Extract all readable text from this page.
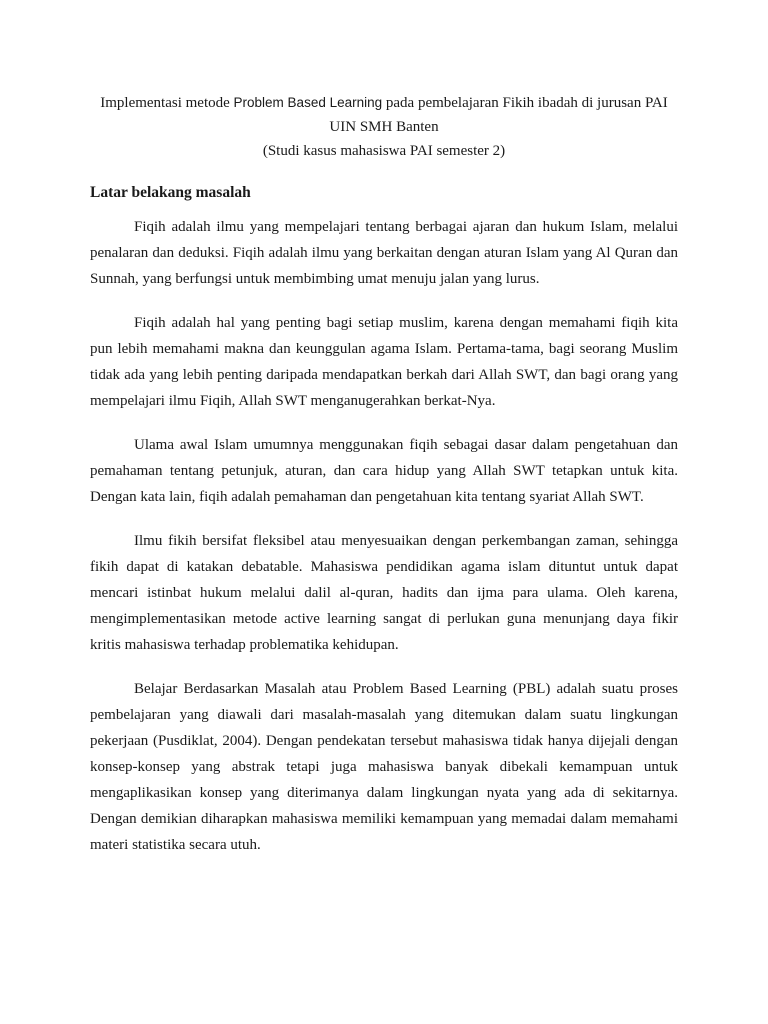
Implementasi metode Problem Based Learning pada pembelajaran Fikih ibadah di jurusan PAI
UIN SMH Banten
(Studi kasus mahasiswa PAI semester 2)
Latar belakang masalah

Fiqih adalah ilmu yang mempelajari tentang berbagai ajaran dan hukum Islam, melalui penalaran dan deduksi. Fiqih adalah ilmu yang berkaitan dengan aturan Islam yang Al Quran dan Sunnah, yang berfungsi untuk membimbing umat menuju jalan yang lurus.

Fiqih adalah hal yang penting bagi setiap muslim, karena dengan memahami fiqih kita pun lebih memahami makna dan keunggulan agama Islam. Pertama-tama, bagi seorang Muslim tidak ada yang lebih penting daripada mendapatkan berkah dari Allah SWT, dan bagi orang yang mempelajari ilmu Fiqih, Allah SWT menganugerahkan berkat-Nya.

Ulama awal Islam umumnya menggunakan fiqih sebagai dasar dalam pengetahuan dan pemahaman tentang petunjuk, aturan, dan cara hidup yang Allah SWT tetapkan untuk kita. Dengan kata lain, fiqih adalah pemahaman dan pengetahuan kita tentang syariat Allah SWT.

Ilmu fikih bersifat fleksibel atau menyesuaikan dengan perkembangan zaman, sehingga fikih dapat di katakan debatable. Mahasiswa pendidikan agama islam dituntut untuk dapat mencari istinbat hukum melalui dalil al-quran, hadits dan ijma para ulama. Oleh karena, mengimplementasikan metode active learning sangat di perlukan guna menunjang daya fikir kritis mahasiswa terhadap problematika kehidupan.

Belajar Berdasarkan Masalah atau Problem Based Learning (PBL) adalah suatu proses pembelajaran yang diawali dari masalah-masalah yang ditemukan dalam suatu lingkungan pekerjaan (Pusdiklat, 2004). Dengan pendekatan tersebut mahasiswa tidak hanya dijejali dengan konsep-konsep yang abstrak tetapi juga mahasiswa banyak dibekali kemampuan untuk mengaplikasikan konsep yang diterimanya dalam lingkungan nyata yang ada di sekitarnya. Dengan demikian diharapkan mahasiswa memiliki kemampuan yang memadai dalam memahami materi statistika secara utuh.
